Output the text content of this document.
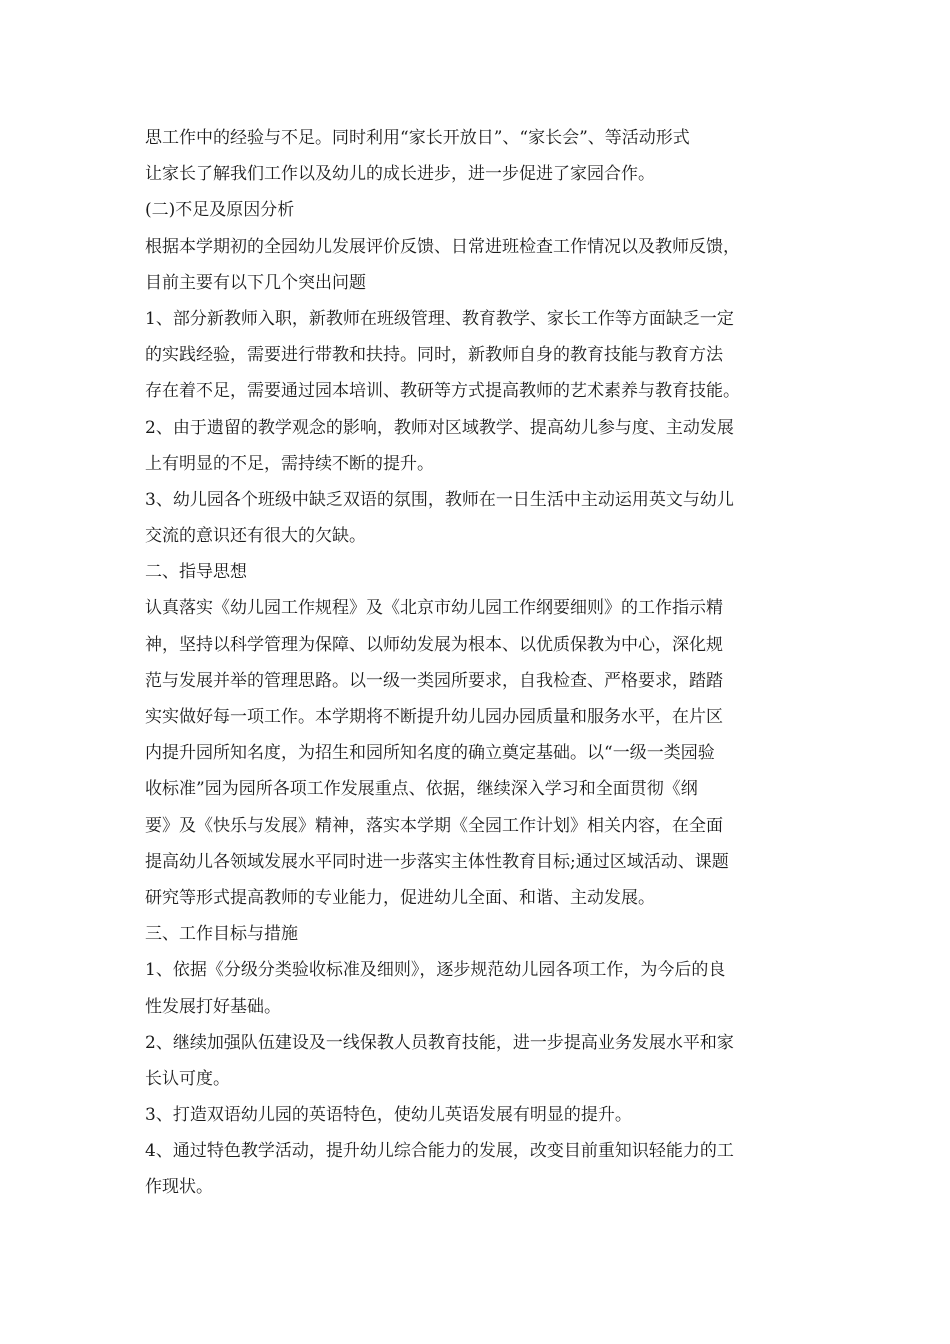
思工作中的经验与不足。同时利用“家长开放日”、“家长会”、等活动形式
让家长了解我们工作以及幼儿的成长进步，进一步促进了家园合作。
(二)不足及原因分析
根据本学期初的全园幼儿发展评价反馈、日常进班检查工作情况以及教师反馈，
目前主要有以下几个突出问题
1、部分新教师入职，新教师在班级管理、教育教学、家长工作等方面缺乏一定
的实践经验，需要进行带教和扶持。同时，新教师自身的教育技能与教育方法
存在着不足，需要通过园本培训、教研等方式提高教师的艺术素养与教育技能。
2、由于遗留的教学观念的影响，教师对区域教学、提高幼儿参与度、主动发展
上有明显的不足，需持续不断的提升。
3、幼儿园各个班级中缺乏双语的氛围，教师在一日生活中主动运用英文与幼儿
交流的意识还有很大的欠缺。
二、指导思想
认真落实《幼儿园工作规程》及《北京市幼儿园工作纲要细则》的工作指示精
神，坚持以科学管理为保障、以师幼发展为根本、以优质保教为中心，深化规
范与发展并举的管理思路。以一级一类园所要求，自我检查、严格要求，踏踏
实实做好每一项工作。本学期将不断提升幼儿园办园质量和服务水平，在片区
内提升园所知名度，为招生和园所知名度的确立奠定基础。以“一级一类园验
收标准”园为园所各项工作发展重点、依据，继续深入学习和全面贯彻《纲
要》及《快乐与发展》精神，落实本学期《全园工作计划》相关内容，在全面
提高幼儿各领域发展水平同时进一步落实主体性教育目标;通过区域活动、课题
研究等形式提高教师的专业能力，促进幼儿全面、和谐、主动发展。
三、工作目标与措施
1、依据《分级分类验收标准及细则》，逐步规范幼儿园各项工作，为今后的良
性发展打好基础。
2、继续加强队伍建设及一线保教人员教育技能，进一步提高业务发展水平和家
长认可度。
3、打造双语幼儿园的英语特色，使幼儿英语发展有明显的提升。
4、通过特色教学活动，提升幼儿综合能力的发展，改变目前重知识轻能力的工
作现状。
